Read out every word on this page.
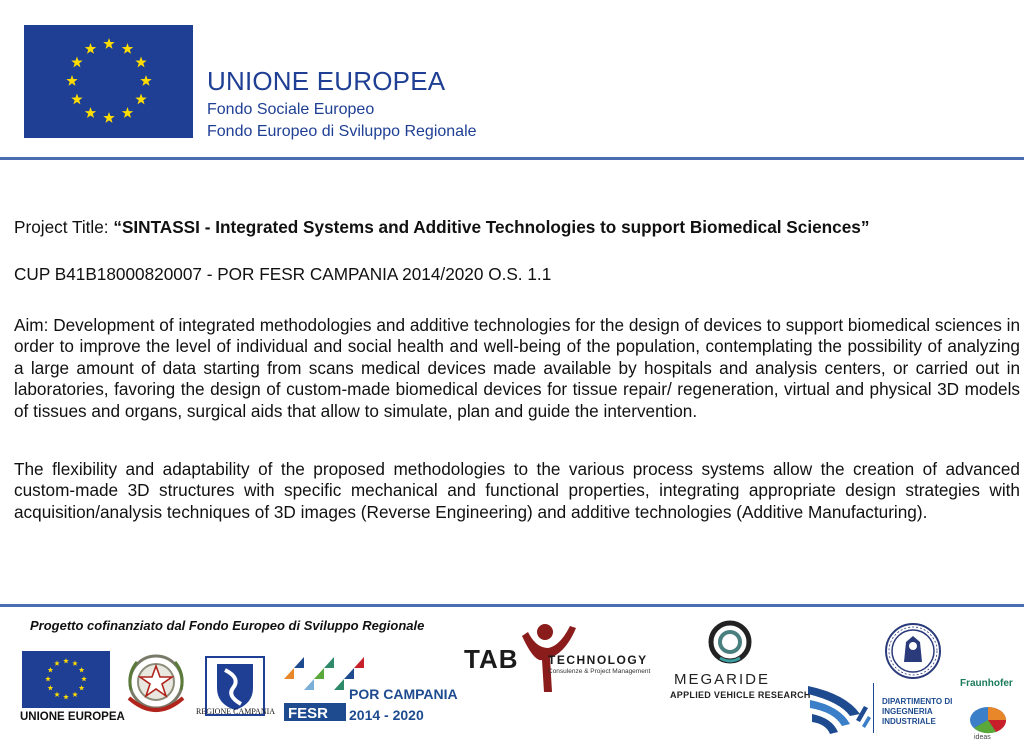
UNIONE EUROPEA
Fondo Sociale Europeo
Fondo Europeo di Sviluppo Regionale
Project Title: “SINTASSI - Integrated Systems and Additive Technologies to support Biomedical Sciences”
CUP B41B18000820007 - POR FESR CAMPANIA 2014/2020 O.S. 1.1
Aim: Development of integrated methodologies and additive technologies for the design of devices to support biomedical sciences in order to improve the level of individual and social health and well-being of the population, contemplating the possibility of analyzing a large amount of data starting from scans medical devices made available by hospitals and analysis centers, or carried out in laboratories, favoring the design of custom-made biomedical devices for tissue repair/ regeneration, virtual and physical 3D models of tissues and organs, surgical aids that allow to simulate, plan and guide the intervention.
The flexibility and adaptability of the proposed methodologies to the various process systems allow the creation of advanced custom-made 3D structures with specific mechanical and functional properties, integrating appropriate design strategies with acquisition/analysis techniques of 3D images (Reverse Engineering) and additive technologies (Additive Manufacturing).
Progetto cofinanziato dal Fondo Europeo di Sviluppo Regionale
UNIONE EUROPEA	REGIONE CAMPANIA FESR
POR CAMPANIA
2014 - 2020
TAB TECHNOLOGY
Consulenze & Project Management MEGARIDE
APPLIED VEHICLE RESEARCH
DIPARTIMENTO DI
INGEGNERIA
INDUSTRIALE
Fraunhofer
ideas
